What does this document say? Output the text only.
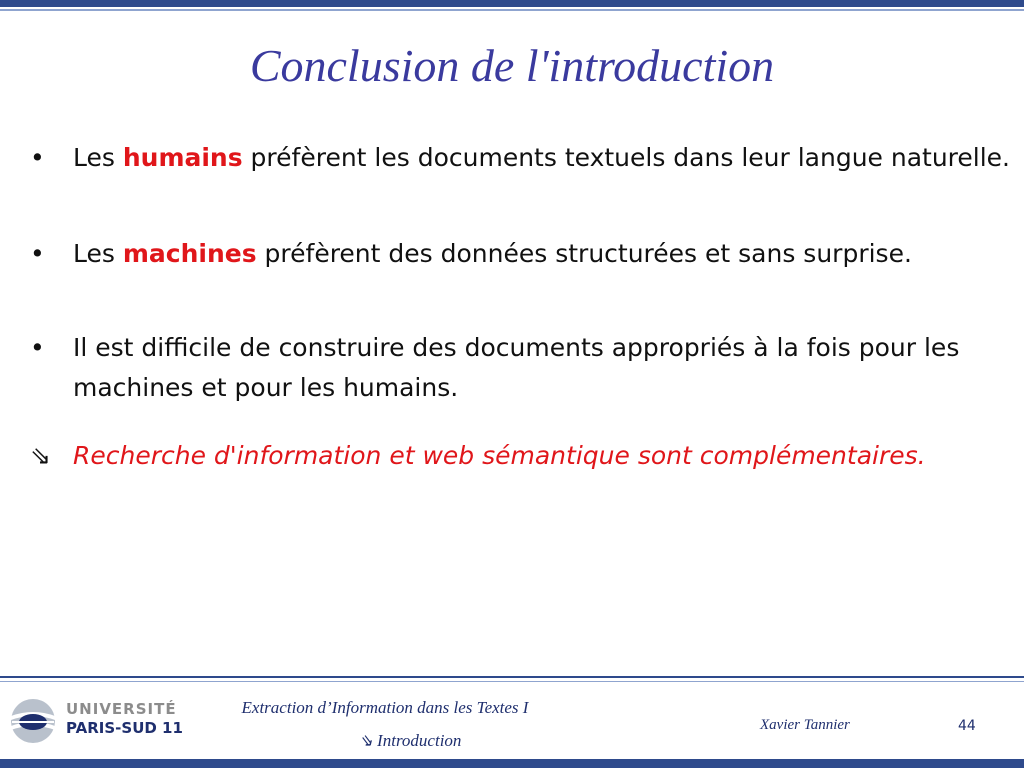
Conclusion de l'introduction

• Les humains préfèrent les documents textuels dans leur langue naturelle.

• Les machines préfèrent des données structurées et sans surprise.

• Il est difficile de construire des documents appropriés à la fois pour les machines et pour les humains.

⇘ Recherche d'information et web sémantique sont complémentaires.

UNIVERSITÉ
PARIS-SUD 11
Extraction d’Information dans les Textes I
⇘ Introduction
Xavier Tannier	44
